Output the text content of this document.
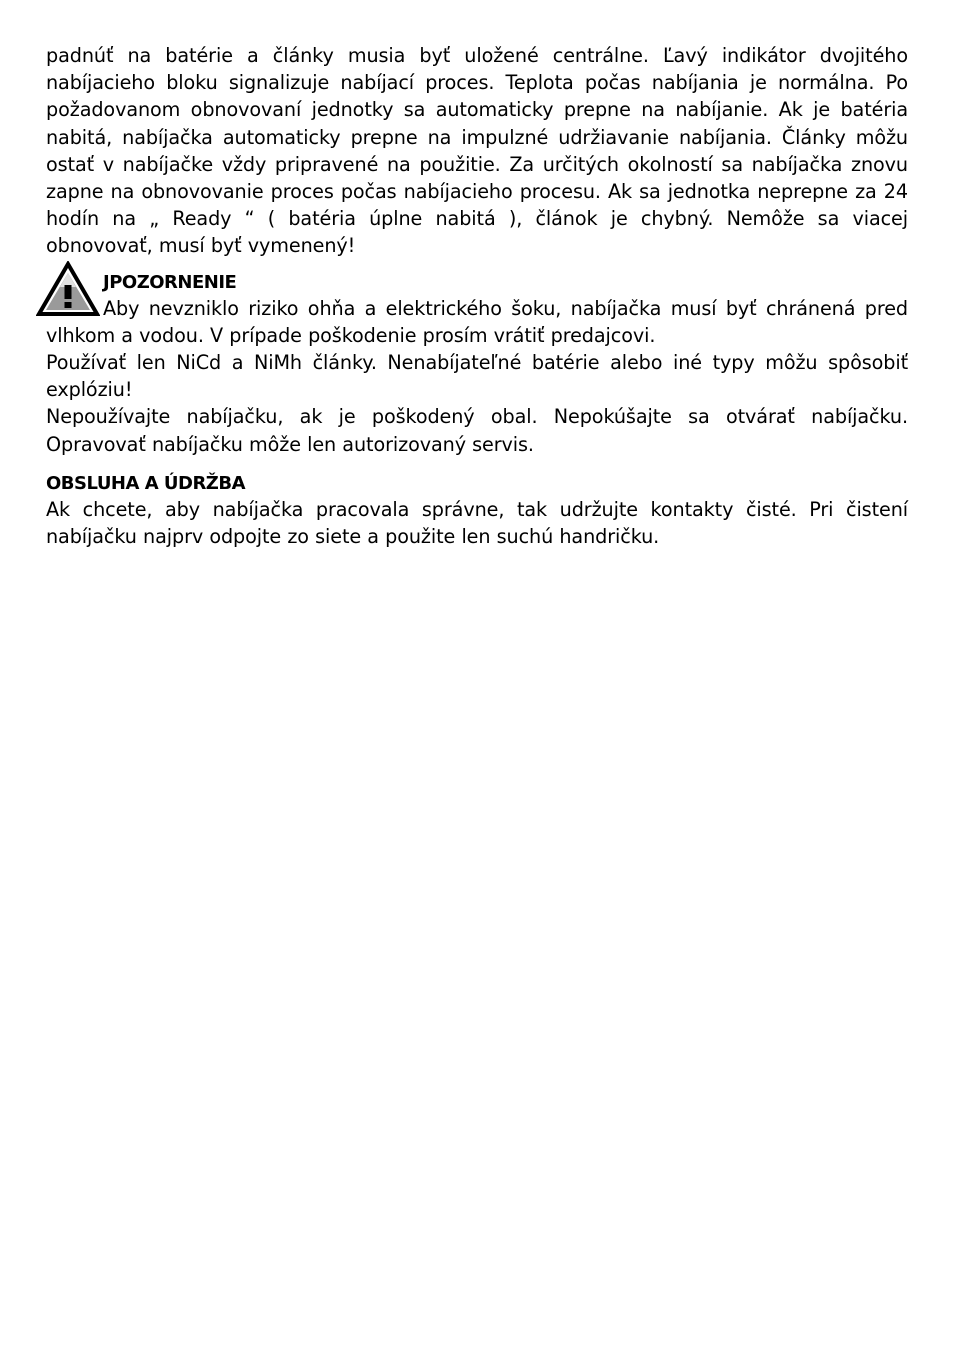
padnúť na batérie a články musia byť uložené centrálne. Ľavý indikátor dvojitého nabíjacieho bloku signalizuje nabíjací proces. Teplota počas nabíjania je normálna. Po požadovanom obnovovaní jednotky sa automaticky prepne na nabíjanie. Ak je batéria nabitá, nabíjačka automaticky prepne na impulzné udržiavanie nabíjania. Články môžu ostať v nabíjačke vždy pripravené na použitie. Za určitých okolností sa nabíjačka znovu zapne na obnovovanie proces počas nabíjacieho procesu. Ak sa jednotka neprepne za 24 hodín na „ Ready “ ( batéria úplne nabitá ), článok je chybný. Nemôže sa viacej obnovovať, musí byť vymenený!

JPOZORNENIE

Aby nevzniklo riziko ohňa a elektrického šoku, nabíjačka musí byť chránená pred vlhkom a vodou. V prípade poškodenie prosím vrátiť predajcovi.

Používať len NiCd a NiMh články. Nenabíjateľné batérie alebo iné typy môžu spôsobiť explóziu!

Nepoužívajte nabíjačku, ak je poškodený obal. Nepokúšajte sa otvárať nabíjačku. Opravovať nabíjačku môže len autorizovaný servis.

OBSLUHA A ÚDRŽBA

Ak chcete, aby nabíjačka pracovala správne, tak udržujte kontakty čisté. Pri čistení nabíjačku najprv odpojte zo siete a použite len suchú handričku.
